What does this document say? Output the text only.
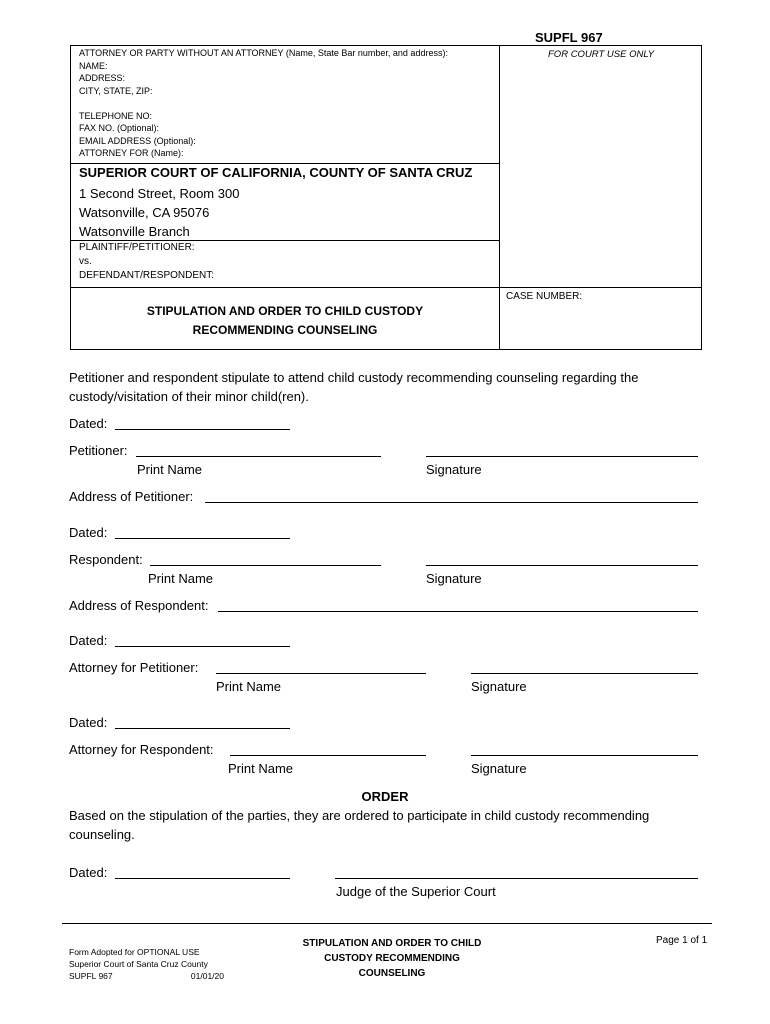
SUPFL 967
ATTORNEY OR PARTY WITHOUT AN ATTORNEY (Name, State Bar number, and address):
NAME:
ADDRESS:
CITY, STATE, ZIP:
TELEPHONE NO:
FAX NO. (Optional):
EMAIL ADDRESS (Optional):
ATTORNEY FOR (Name):
FOR COURT USE ONLY
SUPERIOR COURT OF CALIFORNIA, COUNTY OF SANTA CRUZ
1 Second Street, Room 300
Watsonville, CA 95076
Watsonville Branch
PLAINTIFF/PETITIONER:
vs.
DEFENDANT/RESPONDENT:
CASE NUMBER:
STIPULATION AND ORDER TO CHILD CUSTODY
RECOMMENDING COUNSELING
Petitioner and respondent stipulate to attend child custody recommending counseling regarding the
custody/visitation of their minor child(ren).
Dated:
Petitioner:
Print Name	Signature
Address of Petitioner:
Dated:
Respondent:
Print Name	Signature
Address of Respondent:
Dated:
Attorney for Petitioner:
Print Name	Signature
Dated:
Attorney for Respondent:
Print Name	Signature
ORDER
Based on the stipulation of the parties, they are ordered to participate in child custody recommending
counseling.
Dated:
Judge of the Superior Court
Form Adopted for OPTIONAL USE
Superior Court of Santa Cruz County
SUPFL 967	01/01/20
STIPULATION AND ORDER TO CHILD
CUSTODY RECOMMENDING
COUNSELING
Page 1 of 1
